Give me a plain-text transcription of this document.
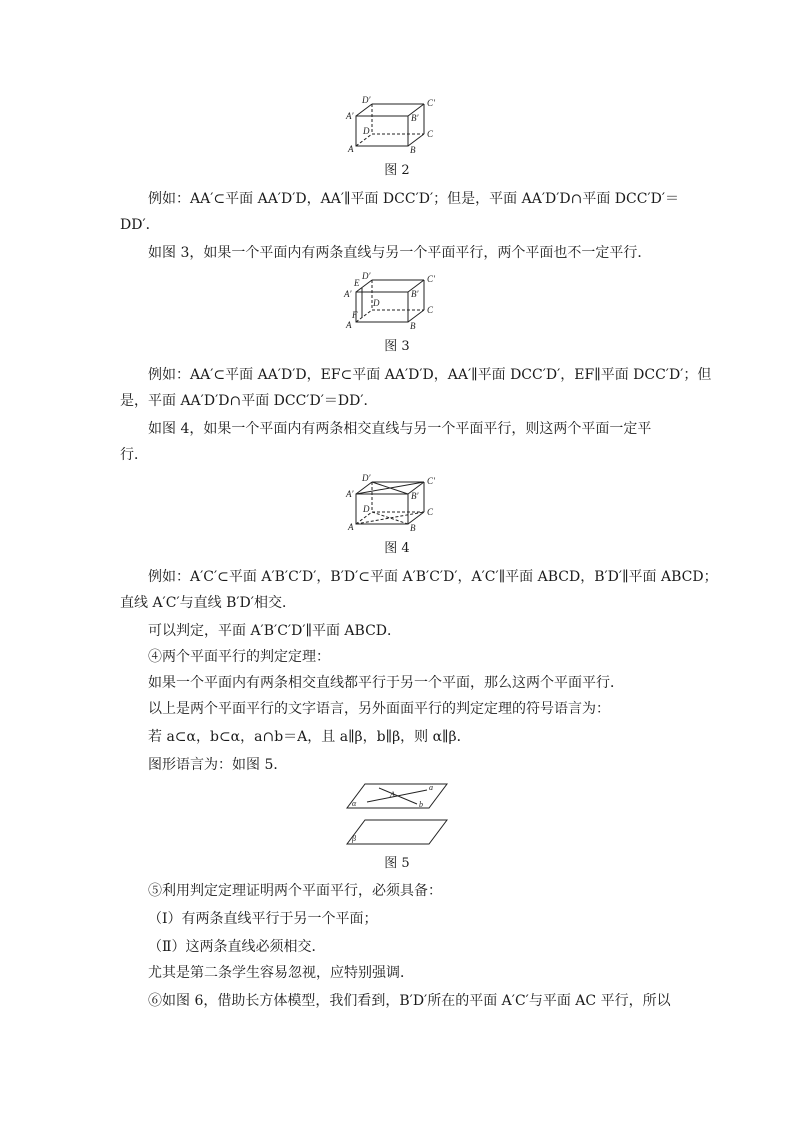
D′	C′
A′	B′
D	C
A	B
图 2
例如：AA′⊂平面 AA′D′D，AA′∥平面 DCC′D′；但是，平面 AA′D′D∩平面 DCC′D′＝
DD′．
如图 3，如果一个平面内有两条直线与另一个平面平行，两个平面也不一定平行．
D′	C′
E
A′	B′
D
F	C
A	B
图 3
例如：AA′⊂平面 AA′D′D，EF⊂平面 AA′D′D，AA′∥平面 DCC′D′，EF∥平面 DCC′D′；但
是，平面 AA′D′D∩平面 DCC′D′＝DD′．
如图 4，如果一个平面内有两条相交直线与另一个平面平行，则这两个平面一定平
行．
D′	C′
A′	B′
D	C
A	B
图 4
例如：A′C′⊂平面 A′B′C′D′，B′D′⊂平面 A′B′C′D′，A′C′∥平面 ABCD，B′D′∥平面 ABCD；
直线 A′C′与直线 B′D′相交．
可以判定，平面 A′B′C′D′∥平面 ABCD．
④两个平面平行的判定定理：
如果一个平面内有两条相交直线都平行于另一个平面，那么这两个平面平行．
以上是两个平面平行的文字语言，另外面面平行的判定定理的符号语言为：
若 a⊂α，b⊂α，a∩b＝A，且 a∥β，b∥β，则 α∥β．
图形语言为：如图 5．
a
A
α	b
β
图 5
⑤利用判定定理证明两个平面平行，必须具备：
（Ⅰ）有两条直线平行于另一个平面；
（Ⅱ）这两条直线必须相交．
尤其是第二条学生容易忽视，应特别强调．
⑥如图 6，借助长方体模型，我们看到，B′D′所在的平面 A′C′与平面 AC 平行，所以
